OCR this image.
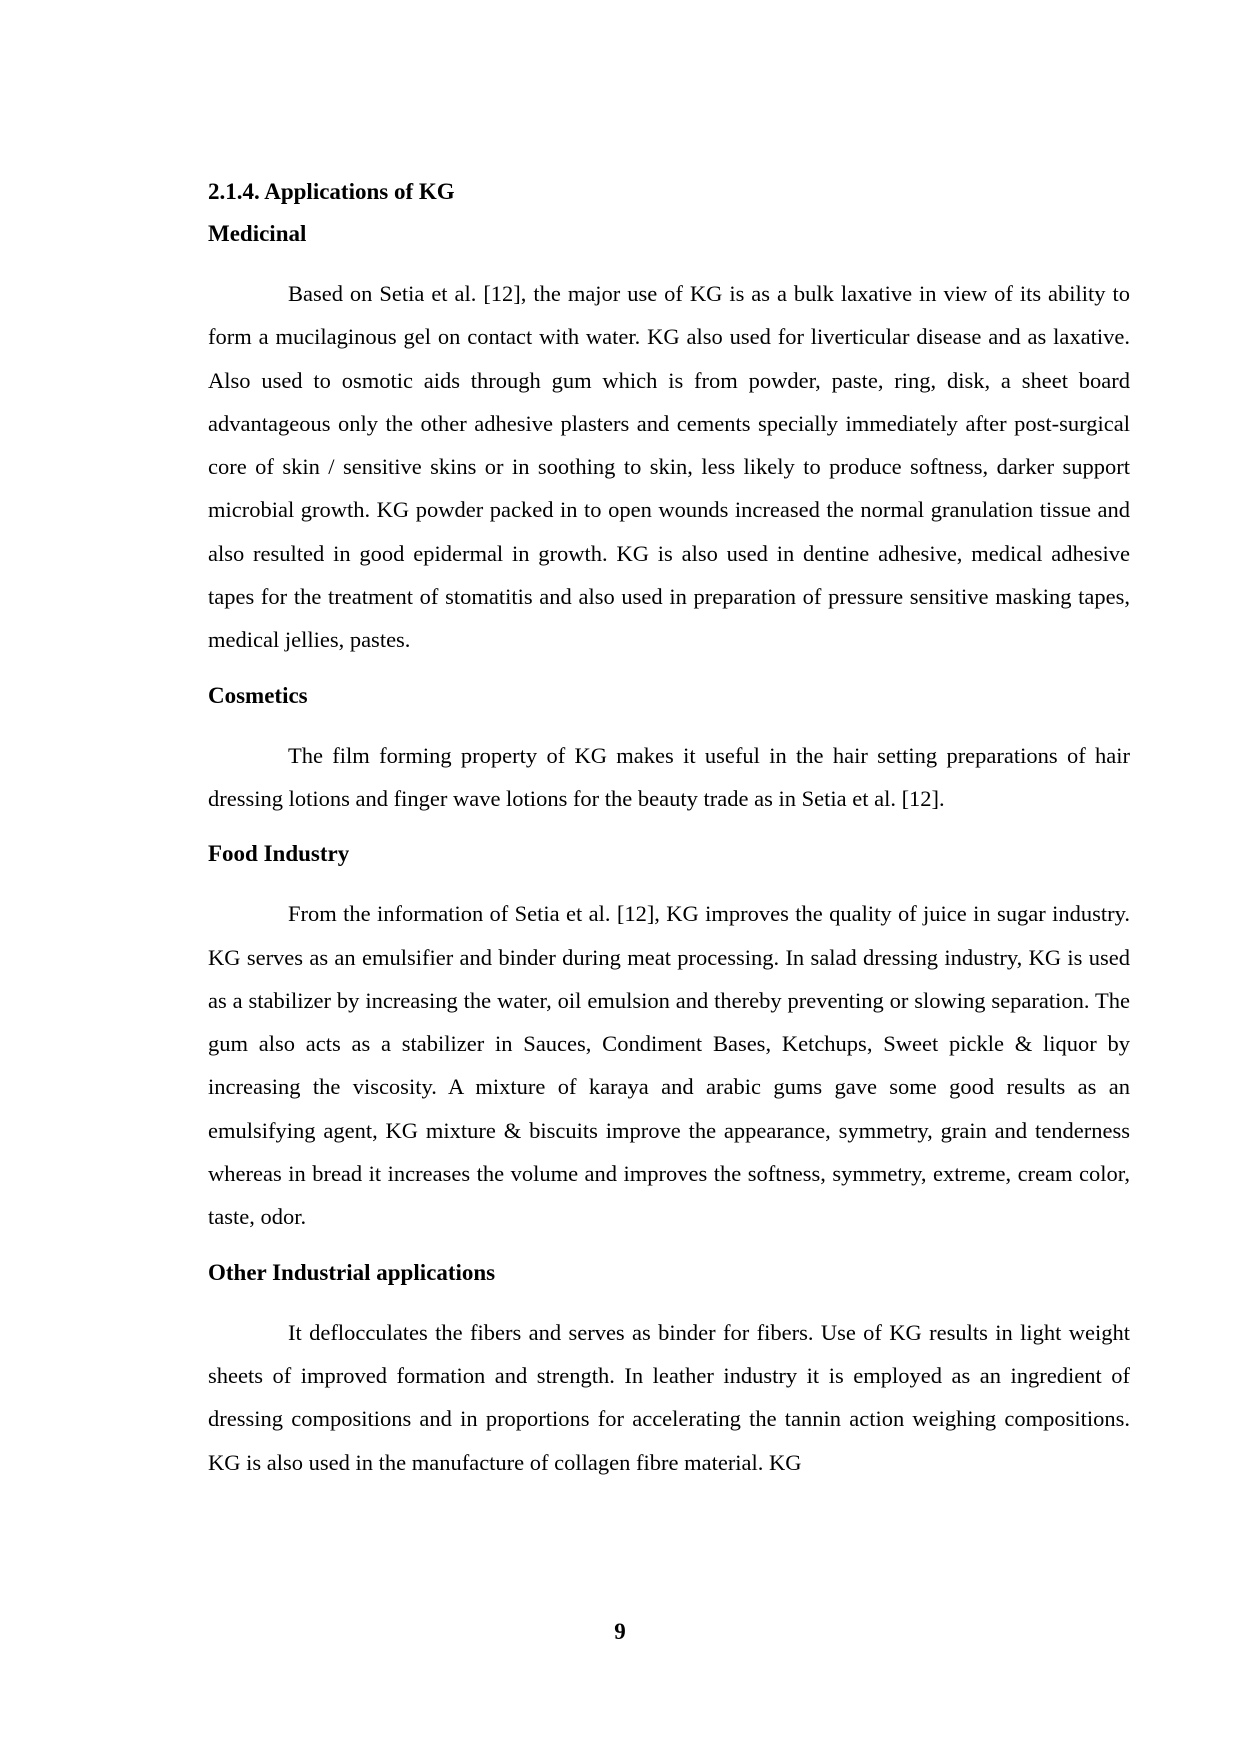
2.1.4. Applications of KG
Medicinal

Based on Setia et al. [12], the major use of KG is as a bulk laxative in view of its ability to form a mucilaginous gel on contact with water. KG also used for liverticular disease and as laxative. Also used to osmotic aids through gum which is from powder, paste, ring, disk, a sheet board advantageous only the other adhesive plasters and cements specially immediately after post-surgical core of skin / sensitive skins or in soothing to skin, less likely to produce softness, darker support microbial growth. KG powder packed in to open wounds increased the normal granulation tissue and also resulted in good epidermal in growth. KG is also used in dentine adhesive, medical adhesive tapes for the treatment of stomatitis and also used in preparation of pressure sensitive masking tapes, medical jellies, pastes.

Cosmetics

The film forming property of KG makes it useful in the hair setting preparations of hair dressing lotions and finger wave lotions for the beauty trade as in Setia et al. [12].

Food Industry

From the information of Setia et al. [12], KG improves the quality of juice in sugar industry. KG serves as an emulsifier and binder during meat processing. In salad dressing industry, KG is used as a stabilizer by increasing the water, oil emulsion and thereby preventing or slowing separation. The gum also acts as a stabilizer in Sauces, Condiment Bases, Ketchups, Sweet pickle & liquor by increasing the viscosity. A mixture of karaya and arabic gums gave some good results as an emulsifying agent, KG mixture & biscuits improve the appearance, symmetry, grain and tenderness whereas in bread it increases the volume and improves the softness, symmetry, extreme, cream color, taste, odor.

Other Industrial applications

It deflocculates the fibers and serves as binder for fibers. Use of KG results in light weight sheets of improved formation and strength. In leather industry it is employed as an ingredient of dressing compositions and in proportions for accelerating the tannin action weighing compositions. KG is also used in the manufacture of collagen fibre material. KG

9
